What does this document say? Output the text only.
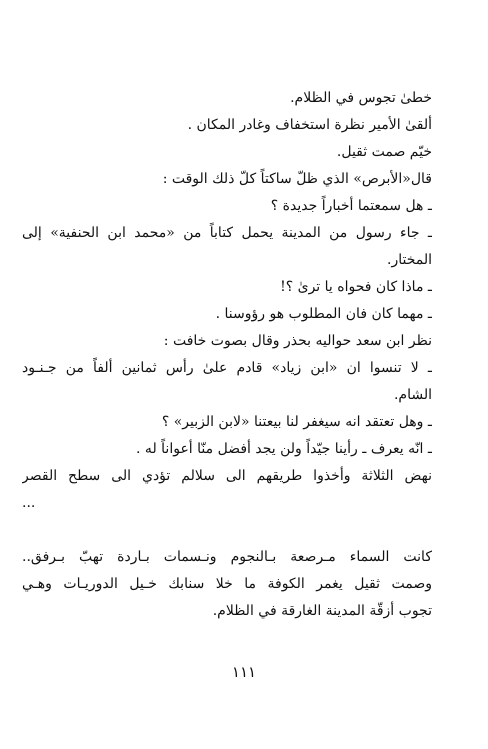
خطىٰ تجوس في الظلام.
ألقىٰ الأمير نظرة استخفاف وغادر المكان .
خيّم صمت ثقيل.
قال«الأبرص» الذي ظلّ ساكتاً كلّ ذلك الوقت :
ـ هل سمعتما أخباراً جديدة ؟
ـ جاء رسول من المدينة يحمل كتاباً من «محمد ابن الحنفية» إلى
المختار.
ـ ماذا كان فحواه يا ترىٰ ؟!
ـ مهما كان فان المطلوب هو رؤوسنا .
نظر ابن سعد حواليه بحذر وقال بصوت خافت :
ـ لا تنسوا ان «ابن زياد» قادم علىٰ رأس ثمانين ألفاً من جـنـود
الشام.
ـ وهل تعتقد انه سيغفر لنا بيعتنا «لابن الزبير» ؟
ـ انّه يعرف ـ رأينا جيّداً ولن يجد أفضل منّا أعواناً له .
نهض الثلاثة وأخذوا طريقهم الى سلالم تؤدي الى سطح القصر
...
كانت السماء مـرصعة بـالنجوم ونـسمات بـاردة تهبّ بـرفق..
وصمت ثقيل يغمر الكوفة ما خلا سنابك خـيل الدوريـات وهـي
تجوب أزقّة المدينة الغارقة في الظلام.
١١١
